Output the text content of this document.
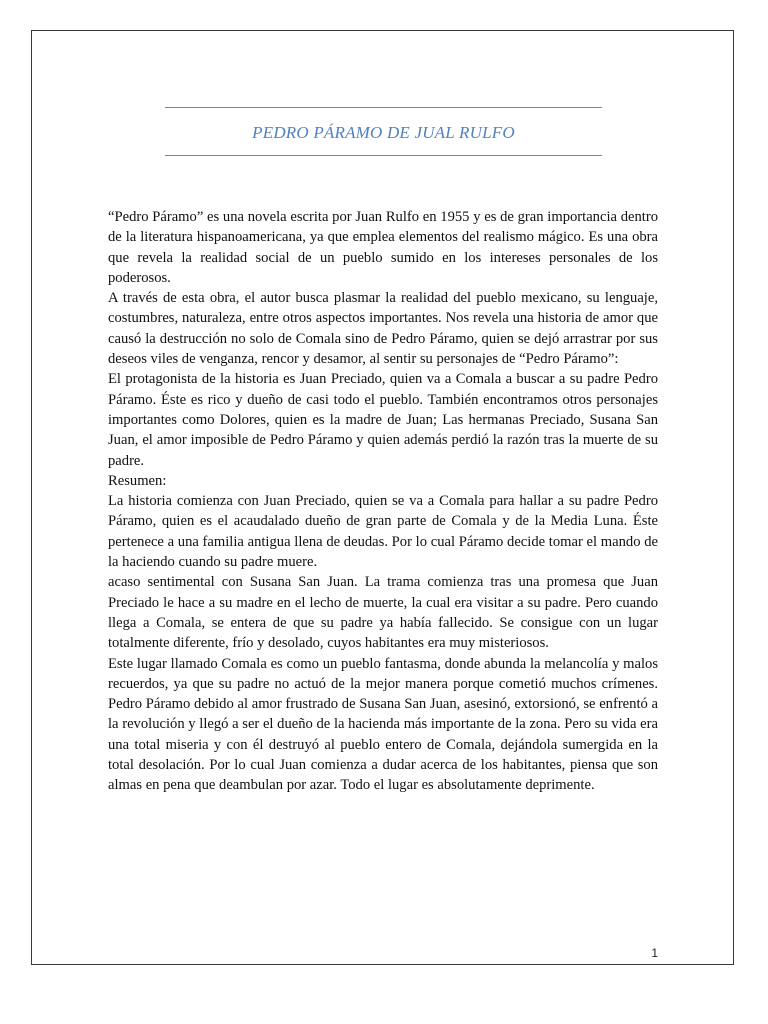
PEDRO PÁRAMO DE JUAL RULFO

“Pedro Páramo” es una novela escrita por Juan Rulfo en 1955 y es de gran importancia dentro de la literatura hispanoamericana, ya que emplea elementos del realismo mágico. Es una obra que revela la realidad social de un pueblo sumido en los intereses personales de los poderosos.

A través de esta obra, el autor busca plasmar la realidad del pueblo mexicano, su lenguaje, costumbres, naturaleza, entre otros aspectos importantes. Nos revela una historia de amor que causó la destrucción no solo de Comala sino de Pedro Páramo, quien se dejó arrastrar por sus deseos viles de venganza, rencor y desamor, al sentir su personajes de “Pedro Páramo”:

El protagonista de la historia es Juan Preciado, quien va a Comala a buscar a su padre Pedro Páramo. Éste es rico y dueño de casi todo el pueblo. También encontramos otros personajes importantes como Dolores, quien es la madre de Juan; Las hermanas Preciado, Susana San Juan, el amor imposible de Pedro Páramo y quien además perdió la razón tras la muerte de su padre.

Resumen:

La historia comienza con Juan Preciado, quien se va a Comala para hallar a su padre Pedro Páramo, quien es el acaudalado dueño de gran parte de Comala y de la Media Luna. Éste pertenece a una familia antigua llena de deudas. Por lo cual Páramo decide tomar el mando de la haciendo cuando su padre muere.

acaso sentimental con Susana San Juan. La trama comienza tras una promesa que Juan Preciado le hace a su madre en el lecho de muerte, la cual era visitar a su padre. Pero cuando llega a Comala, se entera de que su padre ya había fallecido. Se consigue con un lugar totalmente diferente, frío y desolado, cuyos habitantes era muy misteriosos.

Este lugar llamado Comala es como un pueblo fantasma, donde abunda la melancolía y malos recuerdos, ya que su padre no actuó de la mejor manera porque cometió muchos crímenes. Pedro Páramo debido al amor frustrado de Susana San Juan, asesinó, extorsionó, se enfrentó a la revolución y llegó a ser el dueño de la hacienda más importante de la zona. Pero su vida era una total miseria y con él destruyó al pueblo entero de Comala, dejándola sumergida en la total desolación. Por lo cual Juan comienza a dudar acerca de los habitantes, piensa que son almas en pena que deambulan por azar. Todo el lugar es absolutamente deprimente.

1
